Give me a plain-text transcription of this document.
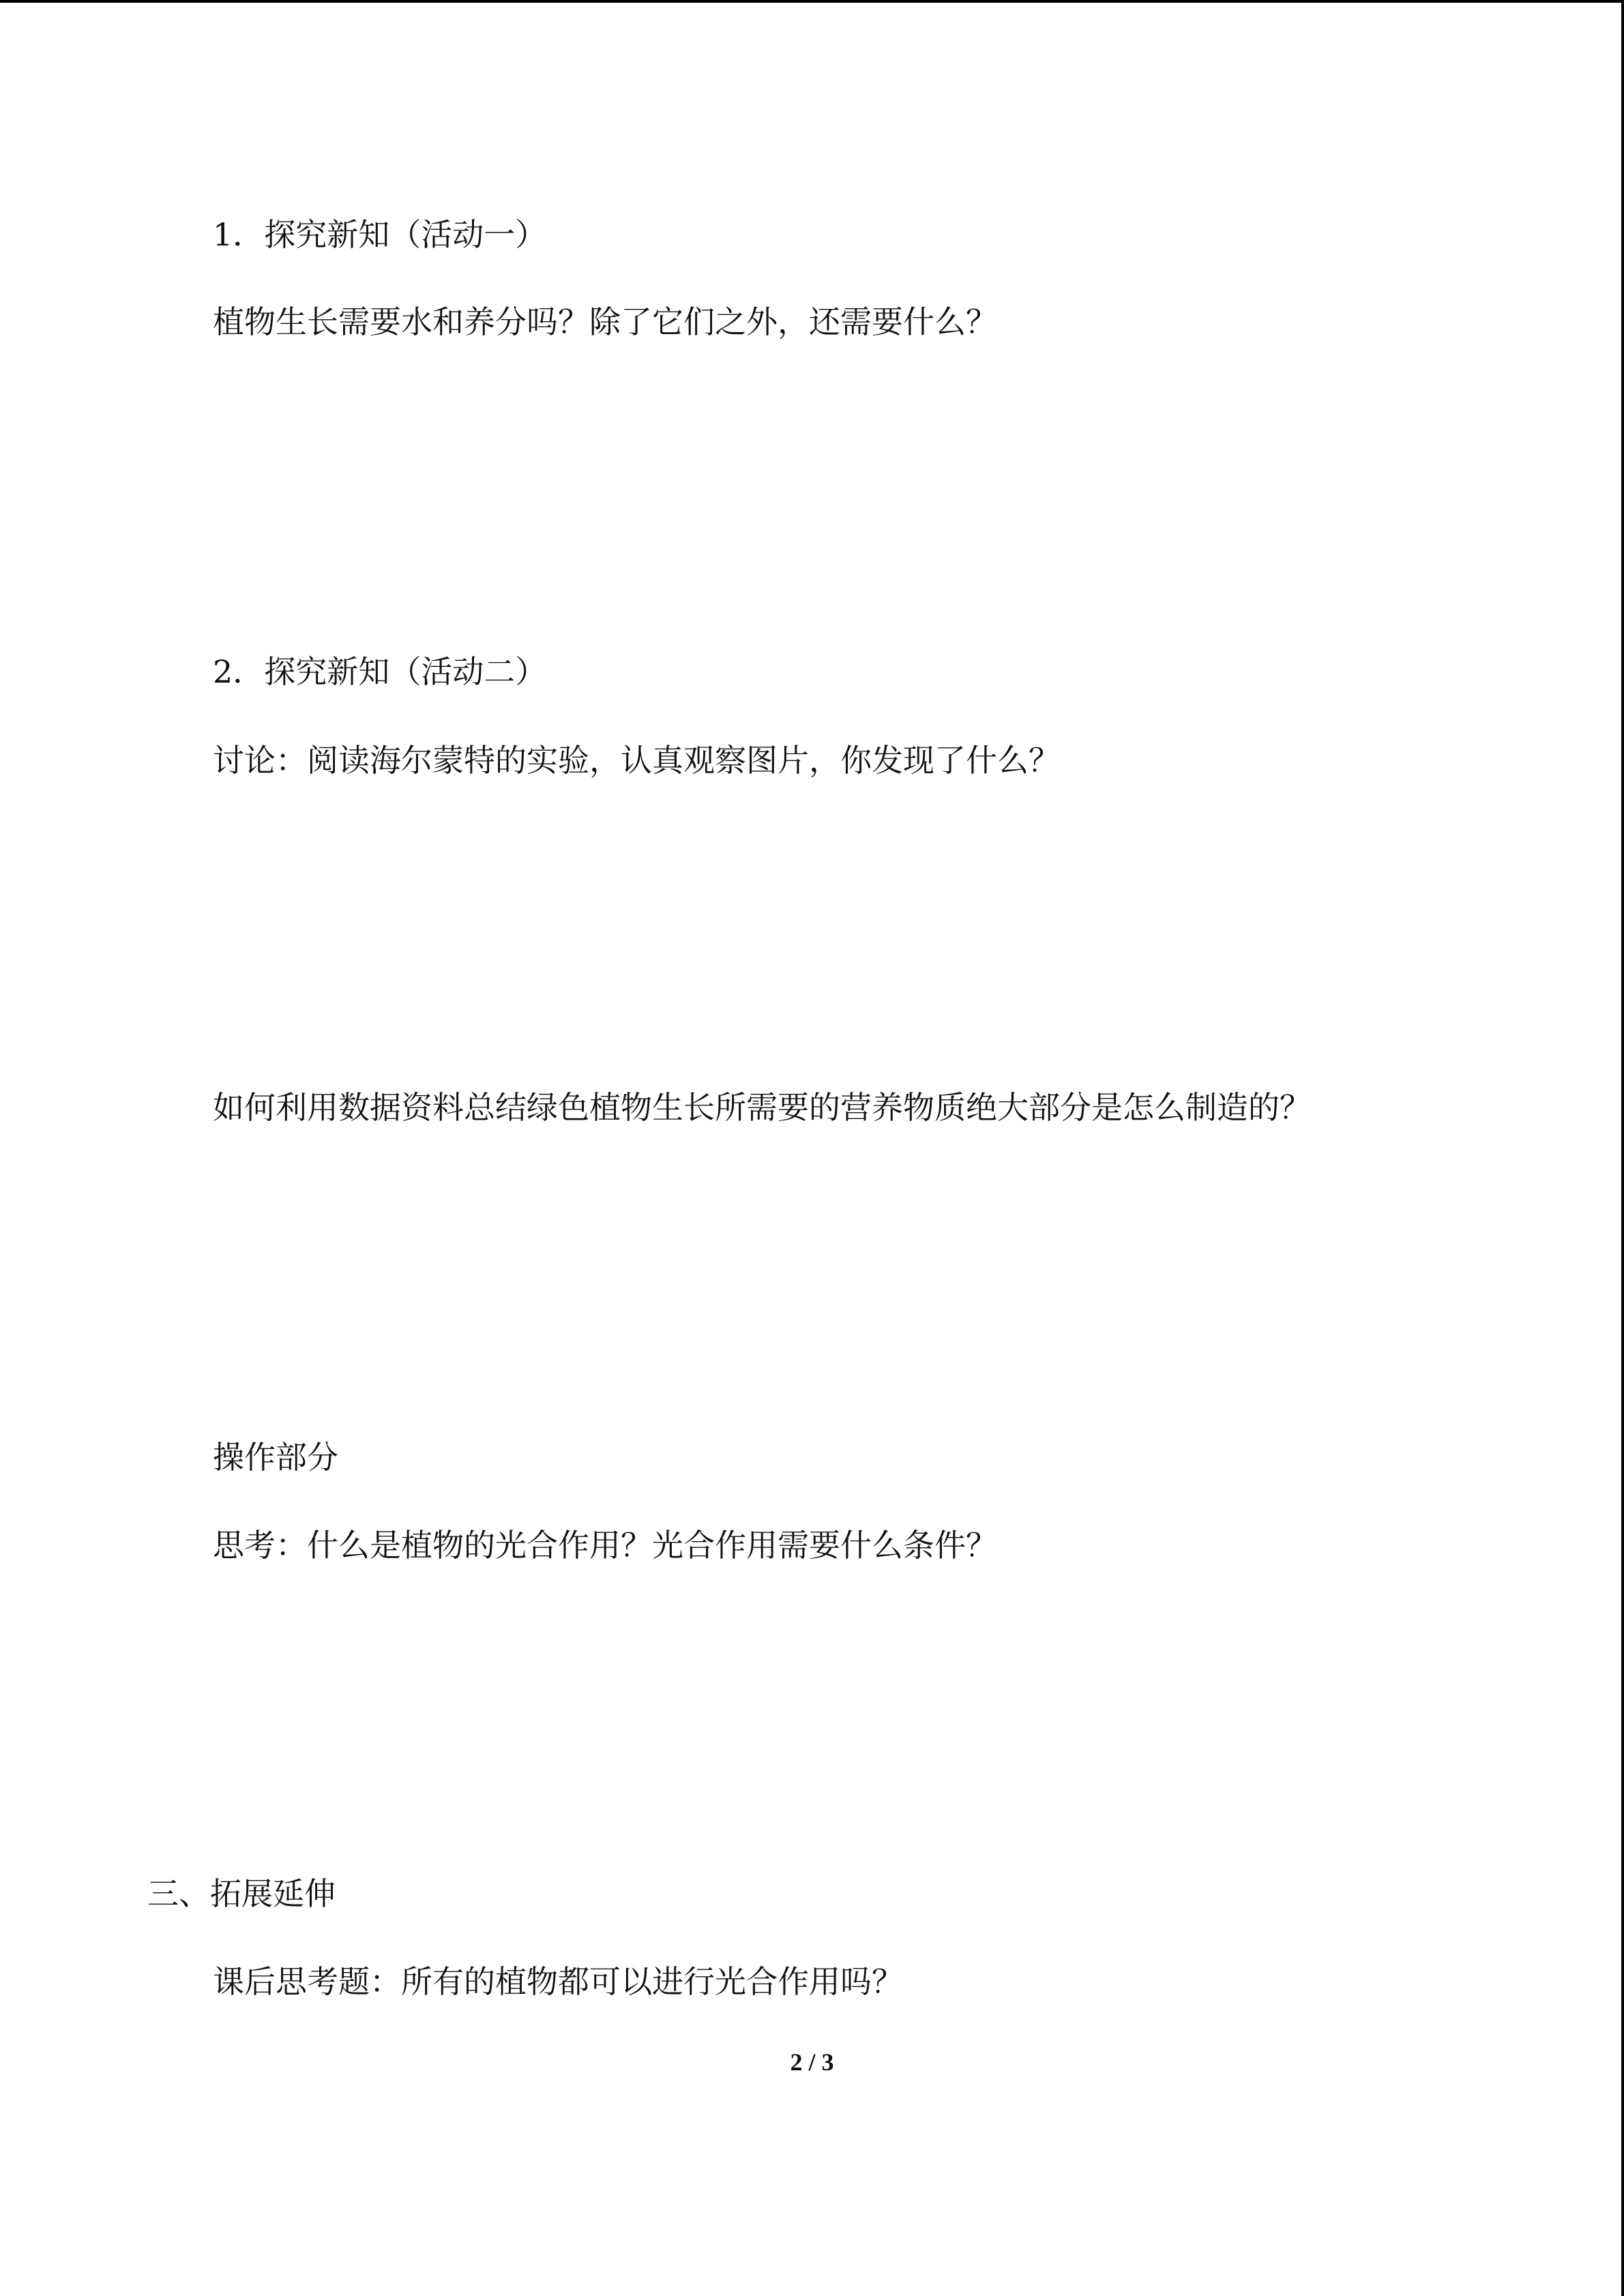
1．探究新知（活动一）
植物生长需要水和养分吗？除了它们之外，还需要什么？
2．探究新知（活动二）
讨论：阅读海尔蒙特的实验，认真观察图片，你发现了什么？
如何利用数据资料总结绿色植物生长所需要的营养物质绝大部分是怎么制造的？
操作部分
思考：什么是植物的光合作用？光合作用需要什么条件？
三、拓展延伸
课后思考题：所有的植物都可以进行光合作用吗？
2 / 3
